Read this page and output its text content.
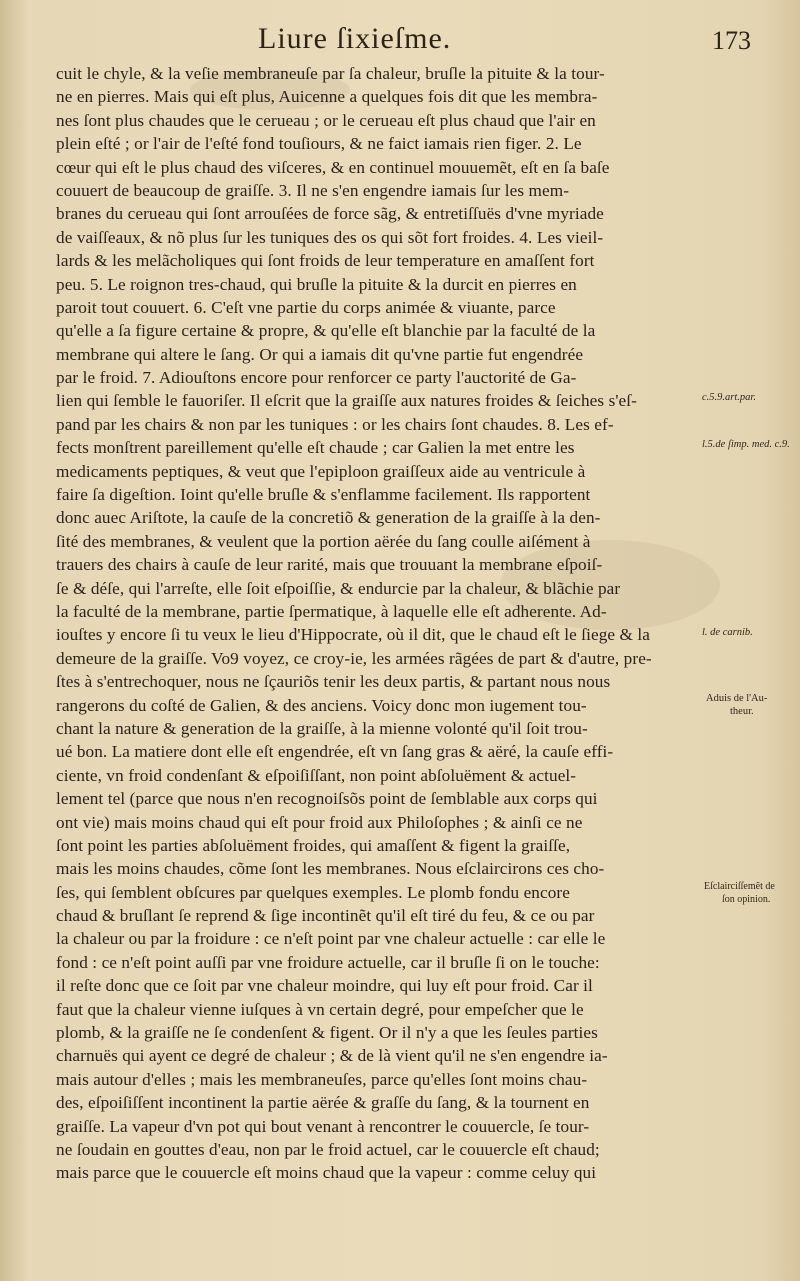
Liure ſixieſme.	173
cuit le chyle, & la veſie membraneuſe par ſa chaleur, bruſle la pituite & la tour-
ne en pierres. Mais qui eſt plus, Auicenne a quelques fois dit que les membra-
nes ſont plus chaudes que le cerueau ; or le cerueau eſt plus chaud que l'air en
plein eſté ; or l'air de l'eſté fond touſiours, & ne faict iamais rien figer. 2. Le
cœur qui eſt le plus chaud des viſceres, & en continuel mouuemẽt, eſt en ſa baſe
couuert de beaucoup de graiſſe. 3. Il ne s'en engendre iamais ſur les mem-
branes du cerueau qui ſont arrouſées de force sãg, & entretiſſuës d'vne myriade
de vaiſſeaux, & nõ plus ſur les tuniques des os qui sõt fort froides. 4. Les vieil-
lards & les melãcholiques qui ſont froids de leur temperature en amaſſent fort
peu. 5. Le roignon tres-chaud, qui bruſle la pituite & la durcit en pierres en
paroit tout couuert. 6. C'eſt vne partie du corps animée & viuante, parce
qu'elle a ſa figure certaine & propre, & qu'elle eſt blanchie par la faculté de la
membrane qui altere le ſang. Or qui a iamais dit qu'vne partie fut engendrée
par le froid. 7. Adiouſtons encore pour renforcer ce party l'auctorité de Ga-
lien qui ſemble le fauoriſer. Il eſcrit que la graiſſe aux natures froides & ſeiches s'eſ-
pand par les chairs & non par les tuniques : or les chairs ſont chaudes. 8. Les ef-
fects monſtrent pareillement qu'elle eſt chaude ; car Galien la met entre les
medicaments peptiques, & veut que l'epiploon graiſſeux aide au ventricule à
faire ſa digeſtion. Ioint qu'elle bruſle & s'enflamme facilement. Ils rapportent
donc auec Ariſtote, la cauſe de la concretiõ & generation de la graiſſe à la den-
ſité des membranes, & veulent que la portion aërée du ſang coulle aiſément à
trauers des chairs à cauſe de leur rarité, mais que trouuant la membrane eſpoiſ-
ſe & déſe, qui l'arreſte, elle ſoit eſpoiſſie, & endurcie par la chaleur, & blãchie par
la faculté de la membrane, partie ſpermatique, à laquelle elle eſt adherente. Ad-
iouſtes y encore ſi tu veux le lieu d'Hippocrate, où il dit, que le chaud eſt le ſiege & la
demeure de la graiſſe. Vo9 voyez, ce croy-ie, les armées rãgées de part & d'autre, pre-
ſtes à s'entrechoquer, nous ne ſçauriõs tenir les deux partis, & partant nous nous
rangerons du coſté de Galien, & des anciens. Voicy donc mon iugement tou-
chant la nature & generation de la graiſſe, à la mienne volonté qu'il ſoit trou-
ué bon. La matiere dont elle eſt engendrée, eſt vn ſang gras & aëré, la cauſe effi-
ciente, vn froid condenſant & eſpoiſiſſant, non point abſoluëment & actuel-
lement tel (parce que nous n'en recognoiſsõs point de ſemblable aux corps qui
ont vie) mais moins chaud qui eſt pour froid aux Philoſophes ; & ainſi ce ne
ſont point les parties abſoluëment froides, qui amaſſent & figent la graiſſe,
mais les moins chaudes, cõme ſont les membranes. Nous eſclaircirons ces cho-
ſes, qui ſemblent obſcures par quelques exemples. Le plomb fondu encore
chaud & bruſlant ſe reprend & ſige incontinẽt qu'il eſt tiré du feu, & ce ou par
la chaleur ou par la froidure : ce n'eſt point par vne chaleur actuelle : car elle le
fond : ce n'eſt point auſſi par vne froidure actuelle, car il bruſle ſi on le touche:
il reſte donc que ce ſoit par vne chaleur moindre, qui luy eſt pour froid. Car il
faut que la chaleur vienne iuſques à vn certain degré, pour empeſcher que le
plomb, & la graiſſe ne ſe condenſent & figent. Or il n'y a que les ſeules parties
charnuës qui ayent ce degré de chaleur ; & de là vient qu'il ne s'en engendre ia-
mais autour d'elles ; mais les membraneuſes, parce qu'elles ſont moins chau-
des, eſpoiſiſſent incontinent la partie aërée & graſſe du ſang, & la tournent en
graiſſe. La vapeur d'vn pot qui bout venant à rencontrer le couuercle, ſe tour-
ne ſoudain en gouttes d'eau, non par le froid actuel, car le couuercle eſt chaud;
mais parce que le couuercle eſt moins chaud que la vapeur : comme celuy qui
c.5.9.art.par.
l.5.de ſimp. med. c.9.
l. de carnib.
Aduis de l'Au-
theur.
Eſclairciſſemẽt de
ſon opinion.
